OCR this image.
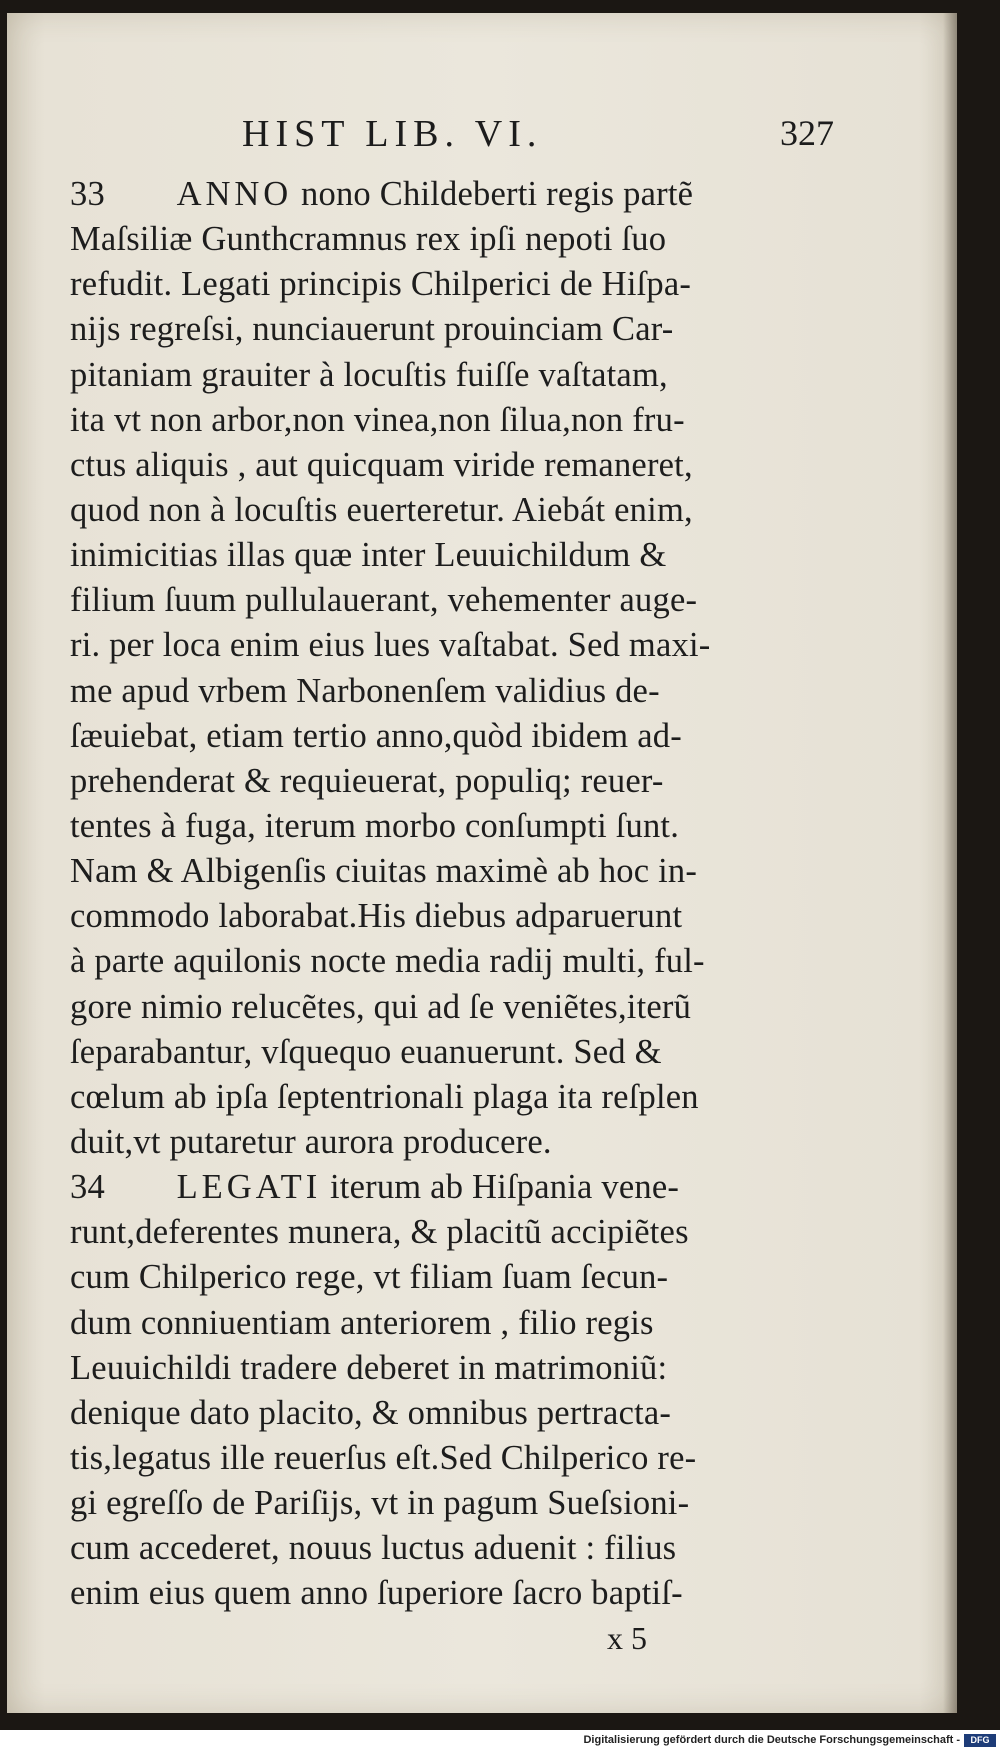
HIST LIB. VI.	327
33 ANNO nono Childeberti regis partẽ
Maſsiliæ Gunthcramnus rex ipſi nepoti ſuo
refudit. Legati principis Chilperici de Hiſpa-
nijs regreſsi, nunciauerunt prouinciam Car-
pitaniam grauiter à locuſtis fuiſſe vaſtatam,
ita vt non arbor,non vinea,non ſilua,non fru-
ctus aliquis , aut quicquam viride remaneret,
quod non à locuſtis euerteretur. Aiebát enim,
inimicitias illas quæ inter Leuuichildum &
filium ſuum pullulauerant, vehementer auge-
ri. per loca enim eius lues vaſtabat. Sed maxi-
me apud vrbem Narbonenſem validius de-
ſæuiebat, etiam tertio anno,quòd ibidem ad-
prehenderat & requieuerat, populiq; reuer-
tentes à fuga, iterum morbo conſumpti ſunt.
Nam & Albigenſis ciuitas maximè ab hoc in-
commodo laborabat.His diebus adparuerunt
à parte aquilonis nocte media radij multi, ful-
gore nimio relucẽtes, qui ad ſe veniẽtes,iterũ
ſeparabantur, vſquequo euanuerunt. Sed &
cœlum ab ipſa ſeptentrionali plaga ita reſplen
duit,vt putaretur aurora producere.
34 LEGATI iterum ab Hiſpania vene-
runt,deferentes munera, & placitũ accipiẽtes
cum Chilperico rege, vt filiam ſuam ſecun-
dum conniuentiam anteriorem , filio regis
Leuuichildi tradere deberet in matrimoniũ:
denique dato placito, & omnibus pertracta-
tis,legatus ille reuerſus eſt.Sed Chilperico re-
gi egreſſo de Pariſijs, vt in pagum Sueſsioni-
cum accederet, nouus luctus aduenit : filius
enim eius quem anno ſuperiore ſacro baptiſ-
x 5
Digitalisierung gefördert durch die Deutsche Forschungsgemeinschaft -	DFG
